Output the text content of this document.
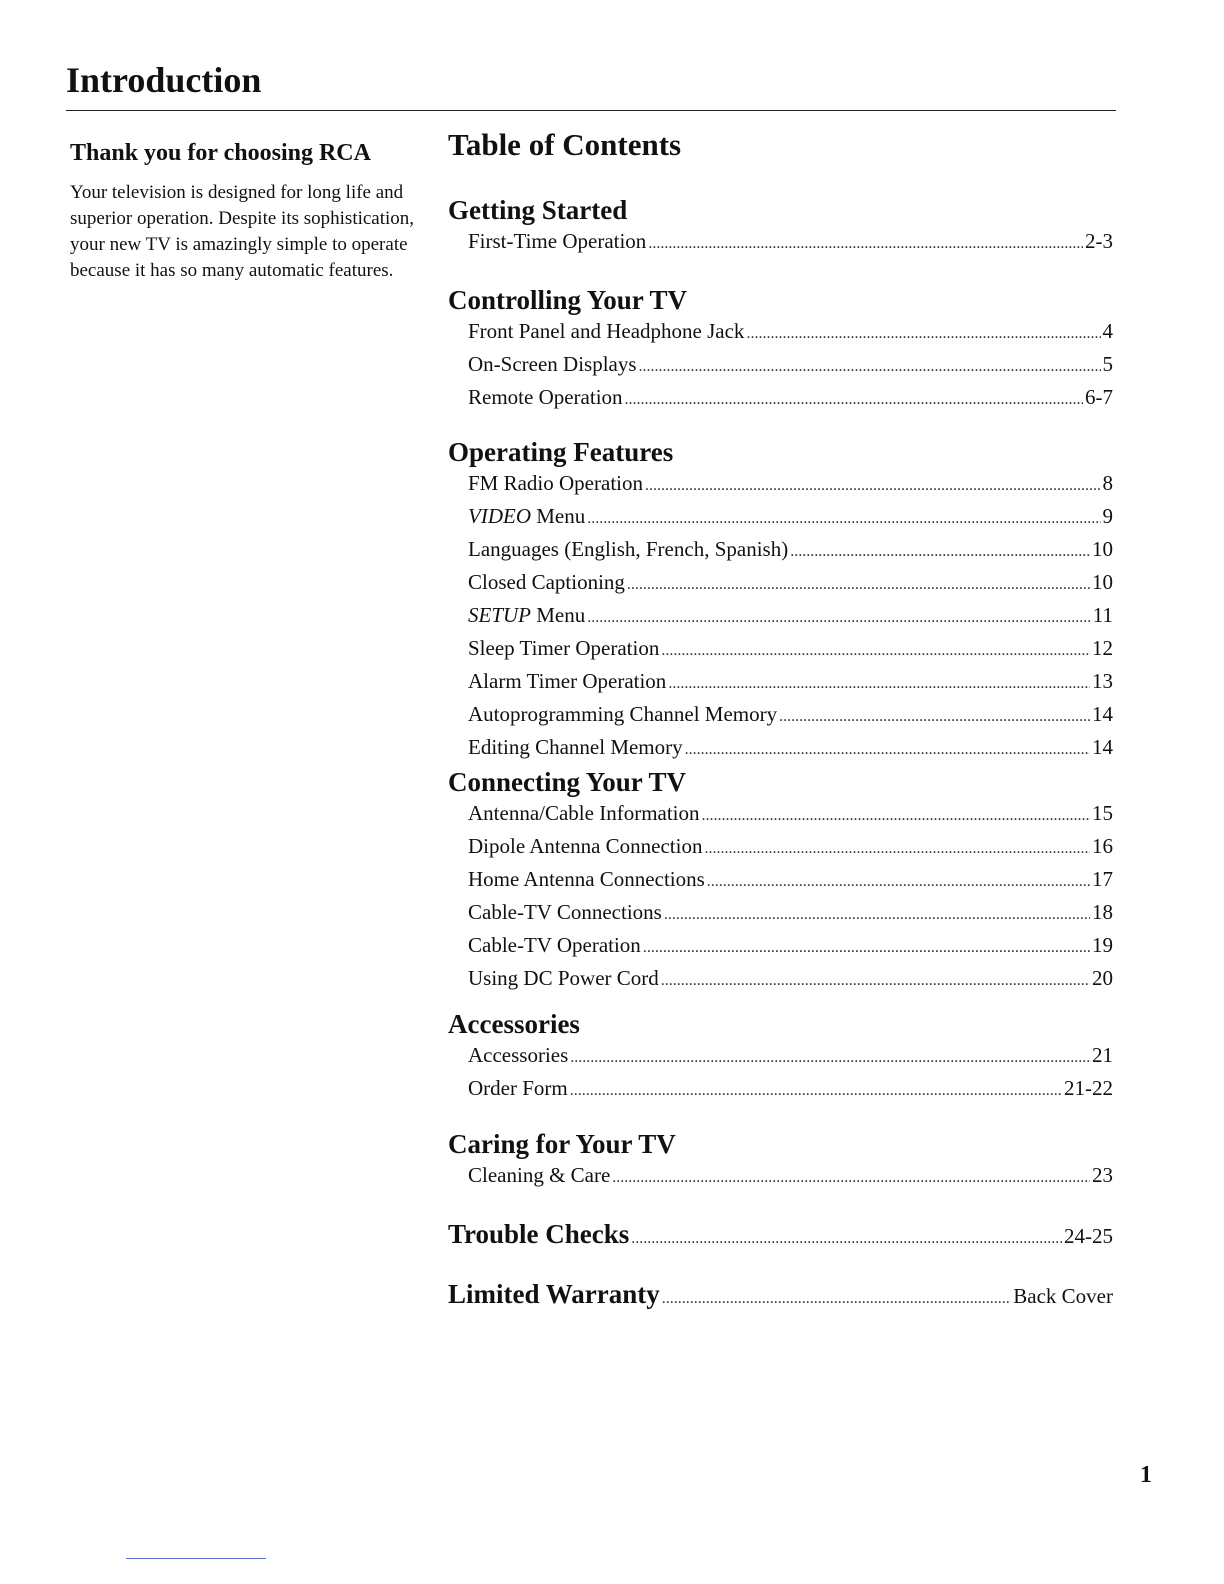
Introduction
Thank you for choosing RCA

Your television is designed for long life and superior operation. Despite its sophistication, your new TV is amazingly simple to operate because it has so many automatic features.

Table of Contents
Getting Started
First-Time Operation .....	2-3
Controlling Your TV
Front Panel and Headphone Jack .....	4
On-Screen Displays .....	5
Remote Operation .....	6-7
Operating Features
FM Radio Operation .....	8
VIDEO Menu .....	9
Languages (English, French, Spanish) .....	10
Closed Captioning .....	10
SETUP Menu .....	11
Sleep Timer Operation .....	12
Alarm Timer Operation .....	13
Autoprogramming Channel Memory .....	14
Editing Channel Memory .....	14
Connecting Your TV
Antenna/Cable Information .....	15
Dipole Antenna Connection .....	16
Home Antenna Connections .....	17
Cable-TV Connections .....	18
Cable-TV Operation .....	19
Using DC Power Cord .....	20
Accessories
Accessories .....	21
Order Form .....	21-22
Caring for Your TV
Cleaning & Care .....	23
Trouble Checks .....	24-25
Limited Warranty .....	Back Cover
1
